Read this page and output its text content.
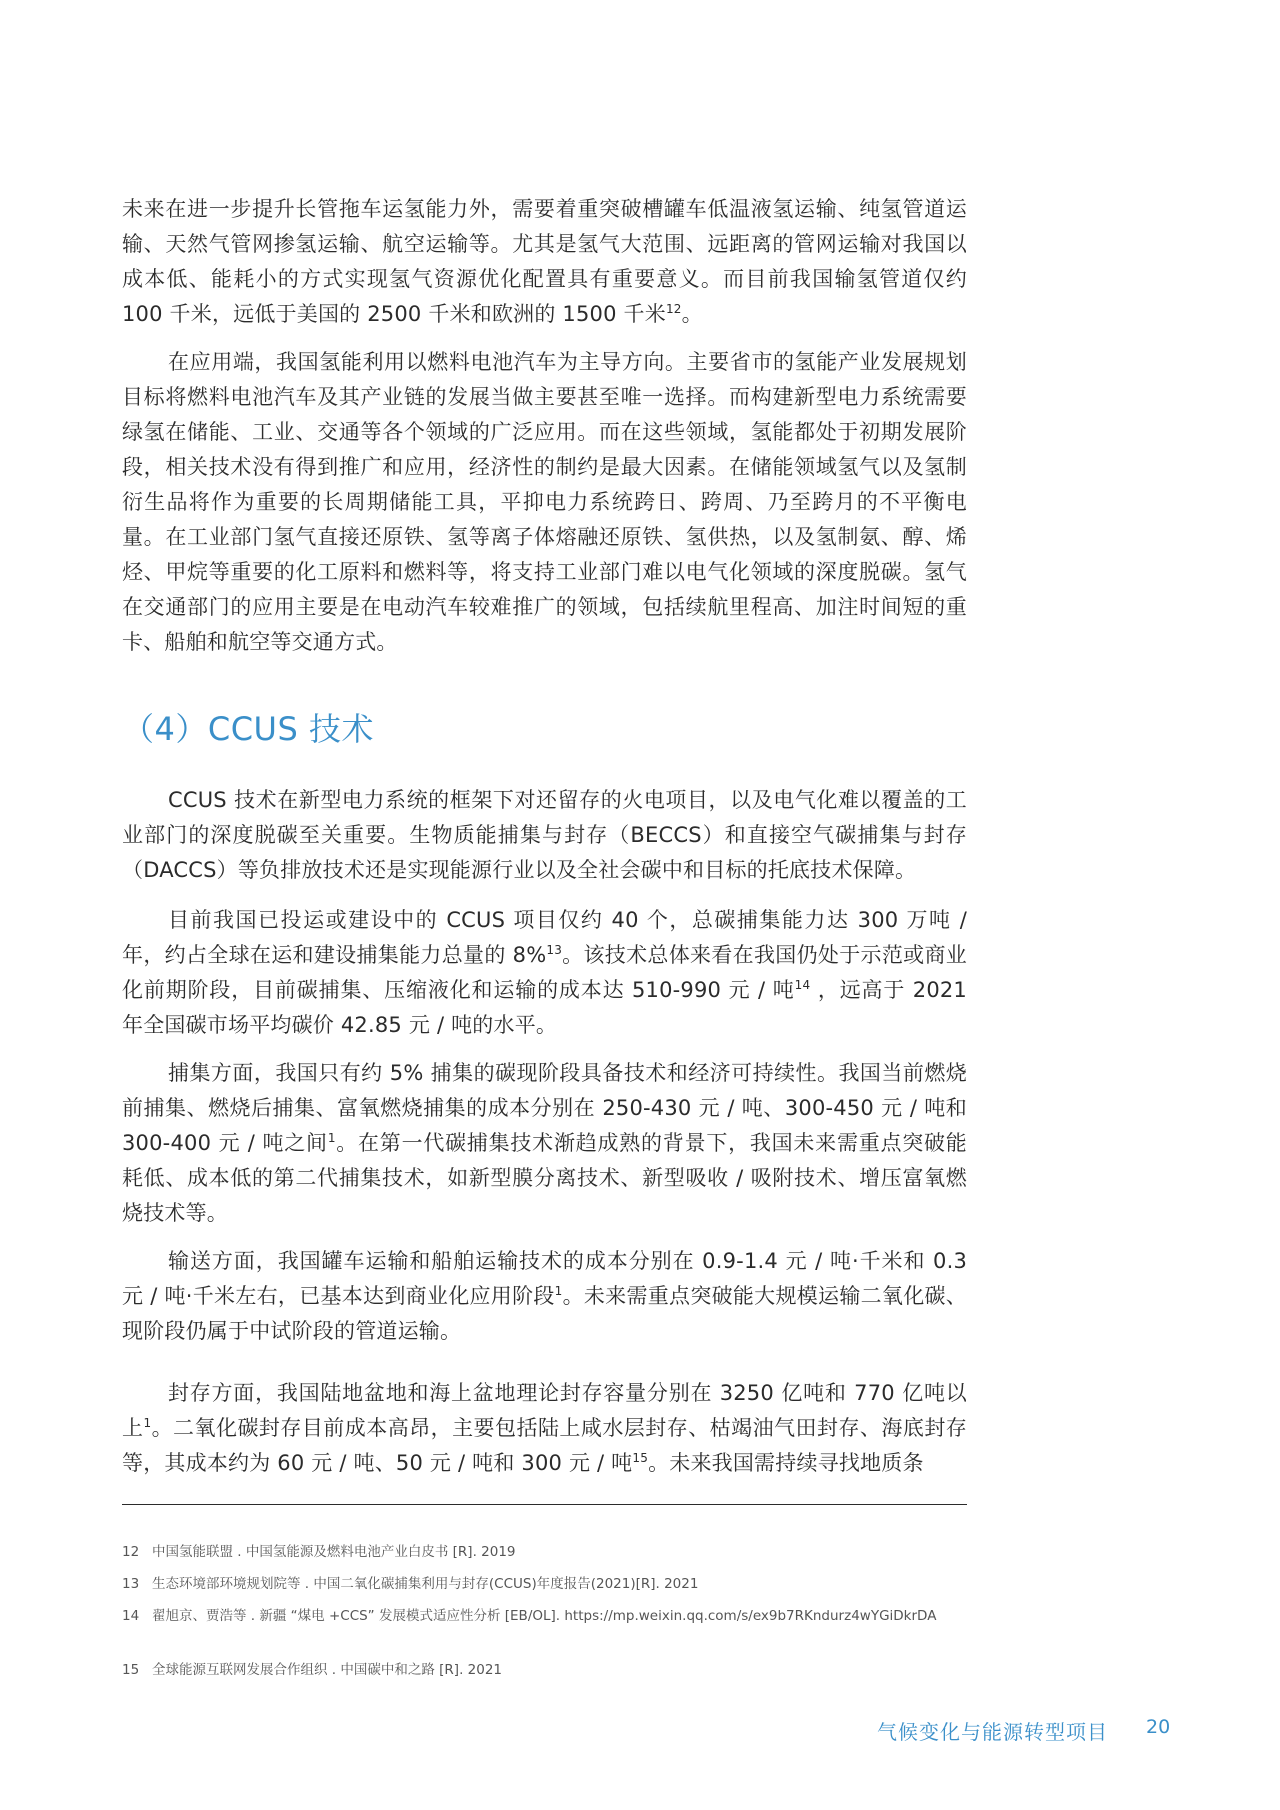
未来在进一步提升长管拖车运氢能力外，需要着重突破槽罐车低温液氢运输、纯氢管道运输、天然气管网掺氢运输、航空运输等。尤其是氢气大范围、远距离的管网运输对我国以成本低、能耗小的方式实现氢气资源优化配置具有重要意义。而目前我国输氢管道仅约 100 千米，远低于美国的 2500 千米和欧洲的 1500 千米$^{12}$。

在应用端，我国氢能利用以燃料电池汽车为主导方向。主要省市的氢能产业发展规划目标将燃料电池汽车及其产业链的发展当做主要甚至唯一选择。而构建新型电力系统需要绿氢在储能、工业、交通等各个领域的广泛应用。而在这些领域，氢能都处于初期发展阶段，相关技术没有得到推广和应用，经济性的制约是最大因素。在储能领域氢气以及氢制衍生品将作为重要的长周期储能工具，平抑电力系统跨日、跨周、乃至跨月的不平衡电量。在工业部门氢气直接还原铁、氢等离子体熔融还原铁、氢供热，以及氢制氨、醇、烯烃、甲烷等重要的化工原料和燃料等，将支持工业部门难以电气化领域的深度脱碳。氢气在交通部门的应用主要是在电动汽车较难推广的领域，包括续航里程高、加注时间短的重卡、船舶和航空等交通方式。

（4）CCUS 技术

CCUS 技术在新型电力系统的框架下对还留存的火电项目，以及电气化难以覆盖的工业部门的深度脱碳至关重要。生物质能捕集与封存（BECCS）和直接空气碳捕集与封存（DACCS）等负排放技术还是实现能源行业以及全社会碳中和目标的托底技术保障。

目前我国已投运或建设中的 CCUS 项目仅约 40 个，总碳捕集能力达 300 万吨 / 年，约占全球在运和建设捕集能力总量的 8%$^{13}$。该技术总体来看在我国仍处于示范或商业化前期阶段，目前碳捕集、压缩液化和运输的成本达 510-990 元 / 吨$^{14}$ ，远高于 2021 年全国碳市场平均碳价 42.85 元 / 吨的水平。

捕集方面，我国只有约 5% 捕集的碳现阶段具备技术和经济可持续性。我国当前燃烧前捕集、燃烧后捕集、富氧燃烧捕集的成本分别在 250-430 元 / 吨、300-450 元 / 吨和 300-400 元 / 吨之间$^1$。在第一代碳捕集技术渐趋成熟的背景下，我国未来需重点突破能耗低、成本低的第二代捕集技术，如新型膜分离技术、新型吸收 / 吸附技术、增压富氧燃烧技术等。

输送方面，我国罐车运输和船舶运输技术的成本分别在 0.9-1.4 元 / 吨·千米和 0.3 元 / 吨·千米左右，已基本达到商业化应用阶段$^1$。未来需重点突破能大规模运输二氧化碳、现阶段仍属于中试阶段的管道运输。

封存方面，我国陆地盆地和海上盆地理论封存容量分别在 3250 亿吨和 770 亿吨以上$^1$。二氧化碳封存目前成本高昂，主要包括陆上咸水层封存、枯竭油气田封存、海底封存等，其成本约为 60 元 / 吨、50 元 / 吨和 300 元 / 吨$^{15}$。未来我国需持续寻找地质条

12 中国氢能联盟 . 中国氢能源及燃料电池产业白皮书 [R]. 2019

13 生态环境部环境规划院等 . 中国二氧化碳捕集利用与封存(CCUS)年度报告(2021)[R]. 2021

14 翟旭京、贾浩等 . 新疆 “煤电 +CCS” 发展模式适应性分析 [EB/OL]. https://mp.weixin.qq.com/s/ex9b7RKndurz4wYGiDkrDA

15 全球能源互联网发展合作组织 . 中国碳中和之路 [R]. 2021

气候变化与能源转型项目 20
